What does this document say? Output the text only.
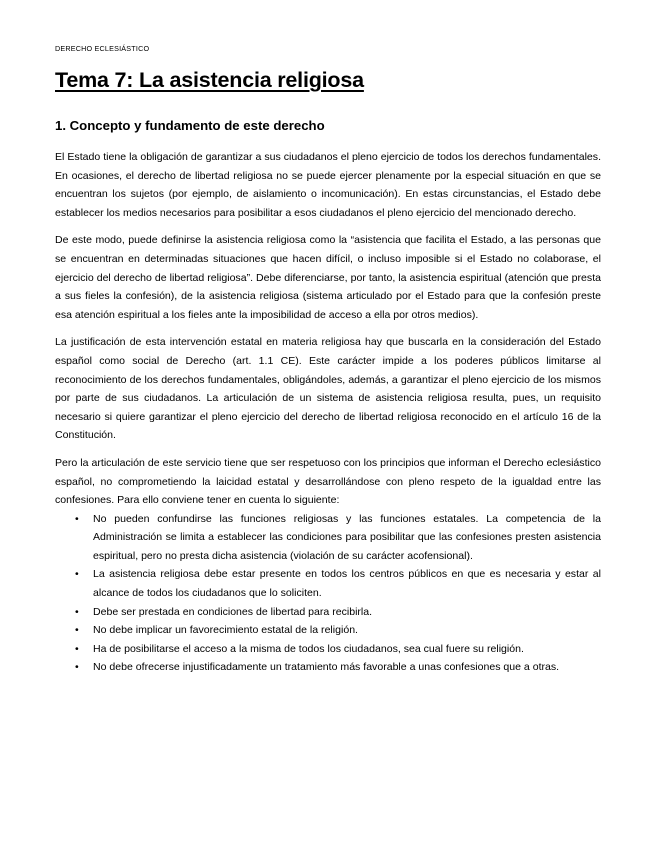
DERECHO ECLESIÁSTICO

Tema 7: La asistencia religiosa
1. Concepto y fundamento de este derecho

El Estado tiene la obligación de garantizar a sus ciudadanos el pleno ejercicio de todos los derechos fundamentales. En ocasiones, el derecho de libertad religiosa no se puede ejercer plenamente por la especial situación en que se encuentran los sujetos (por ejemplo, de aislamiento o incomunicación). En estas circunstancias, el Estado debe establecer los medios necesarios para posibilitar a esos ciudadanos el pleno ejercicio del mencionado derecho.

De este modo, puede definirse la asistencia religiosa como la “asistencia que facilita el Estado, a las personas que se encuentran en determinadas situaciones que hacen difícil, o incluso imposible si el Estado no colaborase, el ejercicio del derecho de libertad religiosa”. Debe diferenciarse, por tanto, la asistencia espiritual (atención que presta a sus fieles la confesión), de la asistencia religiosa (sistema articulado por el Estado para que la confesión preste esa atención espiritual a los fieles ante la imposibilidad de acceso a ella por otros medios).

La justificación de esta intervención estatal en materia religiosa hay que buscarla en la consideración del Estado español como social de Derecho (art. 1.1 CE). Este carácter impide a los poderes públicos limitarse al reconocimiento de los derechos fundamentales, obligándoles, además, a garantizar el pleno ejercicio de los mismos por parte de sus ciudadanos. La articulación de un sistema de asistencia religiosa resulta, pues, un requisito necesario si quiere garantizar el pleno ejercicio del derecho de libertad religiosa reconocido en el artículo 16 de la Constitución.

Pero la articulación de este servicio tiene que ser respetuoso con los principios que informan el Derecho eclesiástico español, no comprometiendo la laicidad estatal y desarrollándose con pleno respeto de la igualdad entre las confesiones. Para ello conviene tener en cuenta lo siguiente:

• No pueden confundirse las funciones religiosas y las funciones estatales. La competencia de la Administración se limita a establecer las condiciones para posibilitar que las confesiones presten asistencia espiritual, pero no presta dicha asistencia (violación de su carácter acofensional).
• La asistencia religiosa debe estar presente en todos los centros públicos en que es necesaria y estar al alcance de todos los ciudadanos que lo soliciten.
• Debe ser prestada en condiciones de libertad para recibirla.
• No debe implicar un favorecimiento estatal de la religión.
• Ha de posibilitarse el acceso a la misma de todos los ciudadanos, sea cual fuere su religión.
• No debe ofrecerse injustificadamente un tratamiento más favorable a unas confesiones que a otras.
